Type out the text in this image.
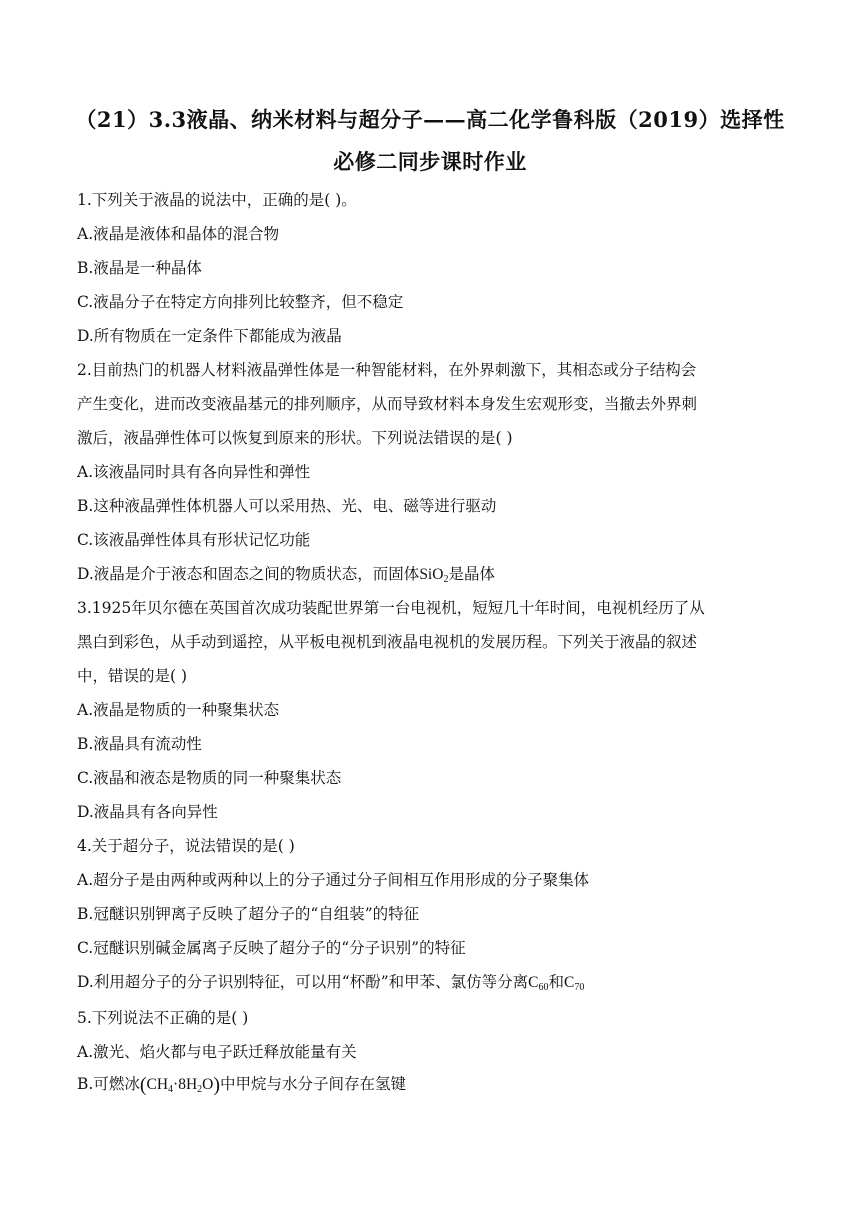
（21）3.3液晶、纳米材料与超分子——高二化学鲁科版（2019）选择性
必修二同步课时作业
1.下列关于液晶的说法中，正确的是( )。
A.液晶是液体和晶体的混合物
B.液晶是一种晶体
C.液晶分子在特定方向排列比较整齐，但不稳定
D.所有物质在一定条件下都能成为液晶
2.目前热门的机器人材料液晶弹性体是一种智能材料，在外界刺激下，其相态或分子结构会
产生变化，进而改变液晶基元的排列顺序，从而导致材料本身发生宏观形变，当撤去外界刺
激后，液晶弹性体可以恢复到原来的形状。下列说法错误的是( )
A.该液晶同时具有各向异性和弹性
B.这种液晶弹性体机器人可以采用热、光、电、磁等进行驱动
C.该液晶弹性体具有形状记忆功能
D.液晶是介于液态和固态之间的物质状态，而固体SiO$_2$是晶体
3.1925年贝尔德在英国首次成功装配世界第一台电视机，短短几十年时间，电视机经历了从
黑白到彩色，从手动到遥控，从平板电视机到液晶电视机的发展历程。下列关于液晶的叙述
中，错误的是( )
A.液晶是物质的一种聚集状态
B.液晶具有流动性
C.液晶和液态是物质的同一种聚集状态
D.液晶具有各向异性
4.关于超分子，说法错误的是( )
A.超分子是由两种或两种以上的分子通过分子间相互作用形成的分子聚集体
B.冠醚识别钾离子反映了超分子的“自组装”的特征
C.冠醚识别碱金属离子反映了超分子的“分子识别”的特征
D.利用超分子的分子识别特征，可以用“杯酚”和甲苯、氯仿等分离$C_{60}$和$C_{70}$
5.下列说法不正确的是( )
A.激光、焰火都与电子跃迁释放能量有关
B.可燃冰$(CH_4\cdot 8H_2O)$中甲烷与水分子间存在氢键
